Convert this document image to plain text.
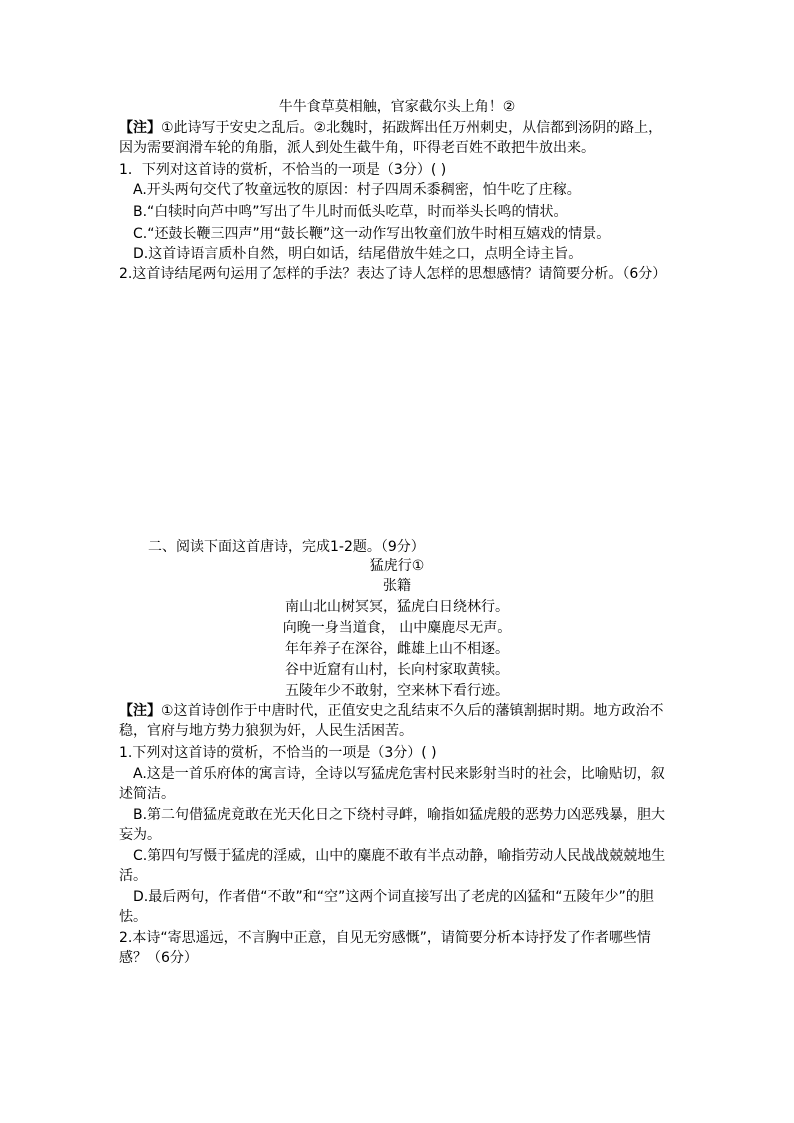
牛牛食草莫相触，官家截尔头上角！②
【注】①此诗写于安史之乱后。②北魏时，拓跋辉出任万州刺史，从信都到汤阴的路上，因为需要润滑车轮的角脂，派人到处生截牛角，吓得老百姓不敢把牛放出来。
1．下列对这首诗的赏析，不恰当的一项是（3分）( )
A.开头两句交代了牧童远牧的原因：村子四周禾黍稠密，怕牛吃了庄稼。
B.“白犊时向芦中鸣”写出了牛儿时而低头吃草，时而举头长鸣的情状。
C.“还鼓长鞭三四声”用“鼓长鞭”这一动作写出牧童们放牛时相互嬉戏的情景。
D.这首诗语言质朴自然，明白如话，结尾借放牛娃之口，点明全诗主旨。
2.这首诗结尾两句运用了怎样的手法？表达了诗人怎样的思想感情？请简要分析。（6分）
二、阅读下面这首唐诗，完成1-2题。（9分）
猛虎行①
张籍
南山北山树冥冥，猛虎白日绕林行。
向晚一身当道食， 山中麋鹿尽无声。
年年养子在深谷，雌雄上山不相逐。
谷中近窟有山村，长向村家取黄犊。
五陵年少不敢射，空来林下看行迹。
【注】①这首诗创作于中唐时代，正值安史之乱结束不久后的藩镇割据时期。地方政治不稳，官府与地方势力狼狈为奸，人民生活困苦。
1.下列对这首诗的赏析，不恰当的一项是（3分）( )
A.这是一首乐府体的寓言诗，全诗以写猛虎危害村民来影射当时的社会，比喻贴切，叙述简洁。
B.第二句借猛虎竟敢在光天化日之下绕村寻衅，喻指如猛虎般的恶势力凶恶残暴，胆大妄为。
C.第四句写慑于猛虎的淫威，山中的麋鹿不敢有半点动静，喻指劳动人民战战兢兢地生活。
D.最后两句，作者借“不敢”和“空”这两个词直接写出了老虎的凶猛和“五陵年少”的胆怯。
2.本诗“寄思遥远，不言胸中正意，自见无穷感慨”，请简要分析本诗抒发了作者哪些情感？（6分）
